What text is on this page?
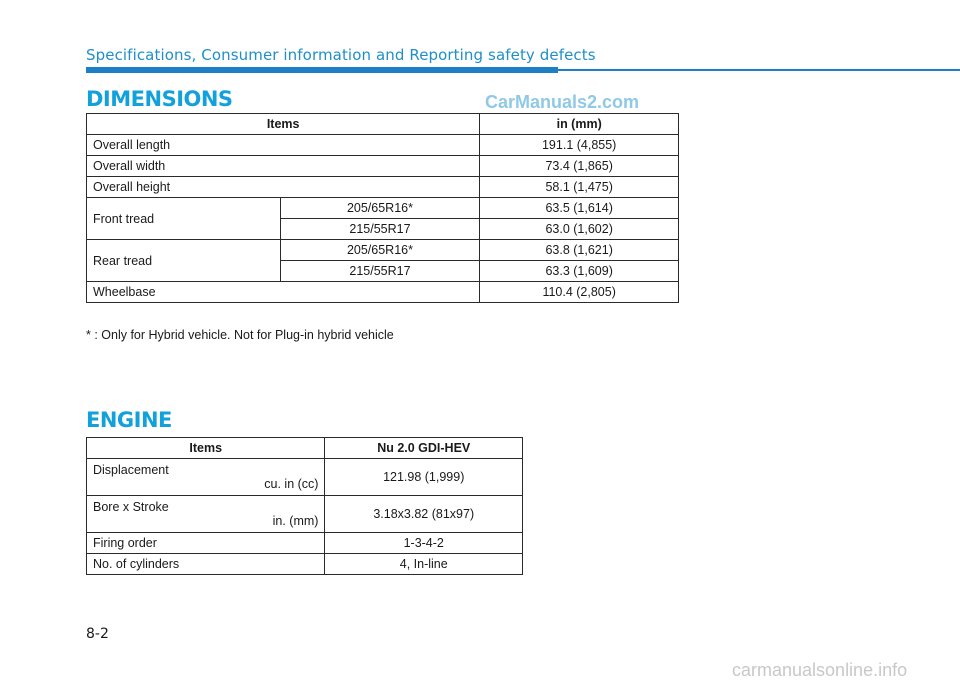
Specifications, Consumer information and Reporting safety defects
DIMENSIONS	CarManuals2.com
Items		in (mm)
Overall length		191.1 (4,855)
Overall width		73.4 (1,865)
Overall height		58.1 (1,475)
Front tread	205/65R16*	63.5 (1,614)
	215/55R17	63.0 (1,602)
Rear tread	205/65R16*	63.8 (1,621)
	215/55R17	63.3 (1,609)
Wheelbase		110.4 (2,805)
* : Only for Hybrid vehicle. Not for Plug-in hybrid vehicle
ENGINE
Items	Nu 2.0 GDI-HEV
Displacement
cu. in (cc)	121.98 (1,999)
Bore x Stroke
in. (mm)	3.18x3.82 (81x97)
Firing order	1-3-4-2
No. of cylinders	4, In-line
8-2
carmanualsonline.info
